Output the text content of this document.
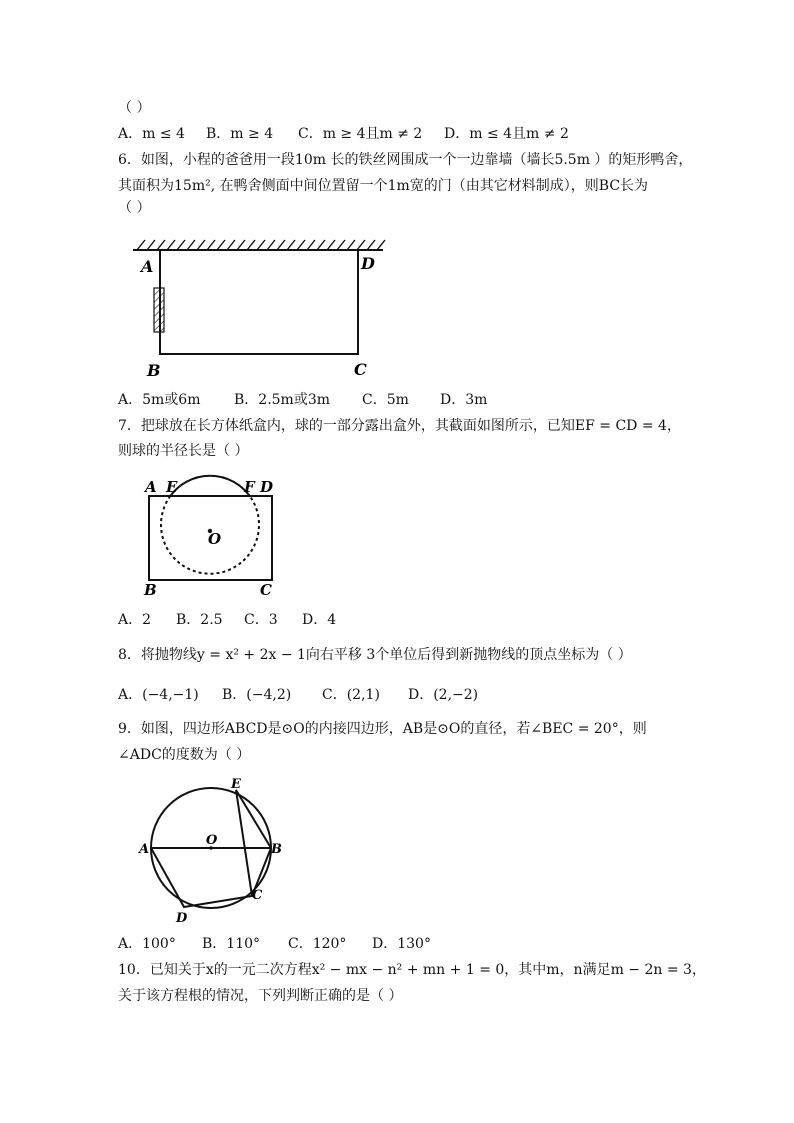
（ ）
A．m ≤ 4 B．m ≥ 4 C．m ≥ 4且m ≠ 2 D．m ≤ 4且m ≠ 2
6．如图，小程的爸爸用一段10m 长的铁丝网围成一个一边靠墙（墙长5.5m ）的矩形鸭舍，
其面积为15m², 在鸭舍侧面中间位置留一个1m宽的门（由其它材料制成），则BC长为
（ ）
A	D
B	C
A．5m或6m B．2.5m或3m C．5m D．3m
7．把球放在长方体纸盒内，球的一部分露出盒外，其截面如图所示，已知EF = CD = 4，
则球的半径长是（ ）
A E	F D
O
B	C
A．2 B．2.5 C．3 D．4
8．将抛物线y = x² + 2x − 1向右平移 3个单位后得到新抛物线的顶点坐标为（ ）
A．(−4,−1) B．(−4,2) C．(2,1) D．(2,−2)
9．如图，四边形ABCD是⊙O的内接四边形，AB是⊙O的直径，若∠BEC = 20°，则
∠ADC的度数为（ ）
E
O
A	B
C
D
A．100° B．110° C．120° D．130°
10．已知关于x的一元二次方程x² − mx − n² + mn + 1 = 0，其中m，n满足m − 2n = 3，
关于该方程根的情况，下列判断正确的是（ ）
